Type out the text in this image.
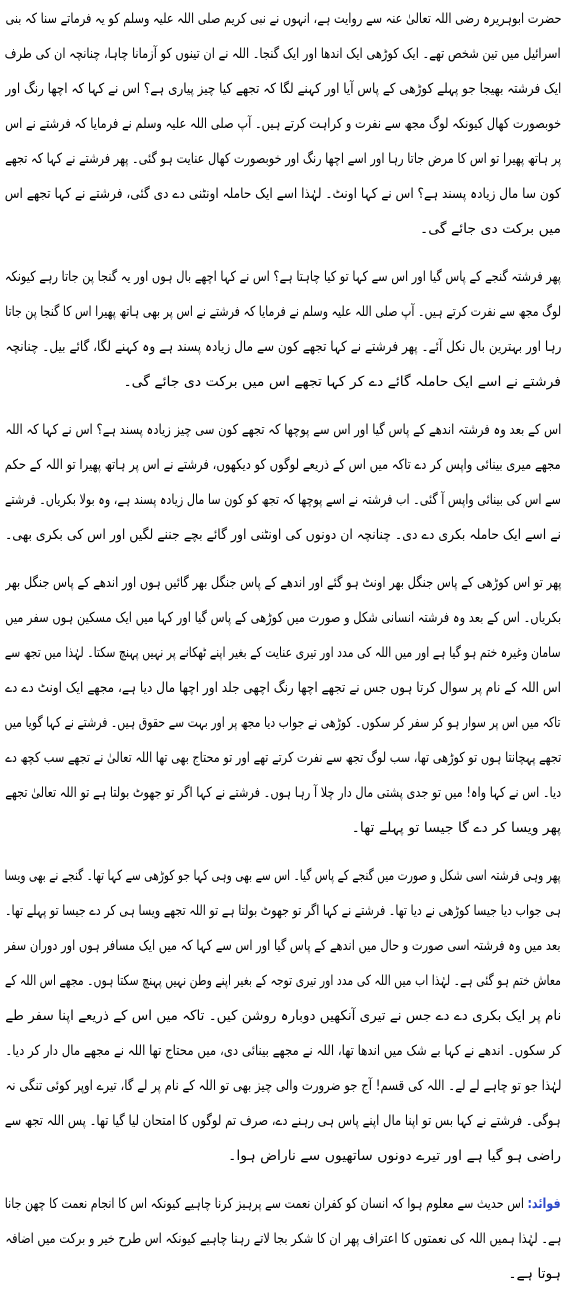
حضرت ابوہریرہ رضی اللہ تعالیٰ عنہ سے روایت ہے، انہوں نے نبی کریم صلی اللہ علیہ وسلم کو یہ فرماتے سنا کہ بنی
اسرائیل میں تین شخص تھے۔ ایک کوڑھی ایک اندھا اور ایک گنجا۔ اللہ نے ان تینوں کو آزمانا چاہا، چنانچہ ان کی طرف
ایک فرشتہ بھیجا جو پہلے کوڑھی کے پاس آیا اور کہنے لگا کہ تجھے کیا چیز پیاری ہے؟ اس نے کہا کہ اچھا رنگ اور
خوبصورت کھال کیونکہ لوگ مجھ سے نفرت و کراہت کرتے ہیں۔ آپ صلی اللہ علیہ وسلم نے فرمایا کہ فرشتے نے اس
پر ہاتھ پھیرا تو اس کا مرض جاتا رہا اور اسے اچھا رنگ اور خوبصورت کھال عنایت ہو گئی۔ پھر فرشتے نے کہا کہ تجھے
کون سا مال زیادہ پسند ہے؟ اس نے کہا اونٹ۔ لہٰذا اسے ایک حاملہ اونٹنی دے دی گئی، فرشتے نے کہا تجھے اس
میں برکت دی جائے گی۔
پھر فرشتہ گنجے کے پاس گیا اور اس سے کہا تو کیا چاہتا ہے؟ اس نے کہا اچھے بال ہوں اور یہ گنجا پن جاتا رہے کیونکہ
لوگ مجھ سے نفرت کرتے ہیں۔ آپ صلی اللہ علیہ وسلم نے فرمایا کہ فرشتے نے اس پر بھی ہاتھ پھیرا اس کا گنجا پن جاتا
رہا اور بہترین بال نکل آئے۔ پھر فرشتے نے کہا تجھے کون سے مال زیادہ پسند ہے وہ کہنے لگا، گائے بیل۔ چنانچہ
فرشتے نے اسے ایک حاملہ گائے دے کر کہا تجھے اس میں برکت دی جائے گی۔
اس کے بعد وہ فرشتہ اندھے کے پاس گیا اور اس سے پوچھا کہ تجھے کون سی چیز زیادہ پسند ہے؟ اس نے کہا کہ اللہ
مجھے میری بینائی واپس کر دے تاکہ میں اس کے ذریعے لوگوں کو دیکھوں، فرشتے نے اس پر ہاتھ پھیرا تو اللہ کے حکم
سے اس کی بینائی واپس آ گئی۔ اب فرشتہ نے اسے پوچھا کہ تجھ کو کون سا مال زیادہ پسند ہے، وہ بولا بکریاں۔ فرشتے
نے اسے ایک حاملہ بکری دے دی۔ چنانچہ ان دونوں کی اونٹنی اور گائے بچے جننے لگیں اور اس کی بکری بھی۔
پھر تو اس کوڑھی کے پاس جنگل بھر اونٹ ہو گئے اور اندھے کے پاس جنگل بھر گائیں ہوں اور اندھے کے پاس جنگل بھر
بکریاں۔ اس کے بعد وہ فرشتہ انسانی شکل و صورت میں کوڑھی کے پاس گیا اور کہا میں ایک مسکین ہوں سفر میں
سامان وغیرہ ختم ہو گیا ہے اور میں اللہ کی مدد اور تیری عنایت کے بغیر اپنے ٹھکانے پر نہیں پہنچ سکتا۔ لہٰذا میں تجھ سے
اس اللہ کے نام پر سوال کرتا ہوں جس نے تجھے اچھا رنگ اچھی جلد اور اچھا مال دیا ہے، مجھے ایک اونٹ دے دے
تاکہ میں اس پر سوار ہو کر سفر کر سکوں۔ کوڑھی نے جواب دیا مجھ پر اور بہت سے حقوق ہیں۔ فرشتے نے کہا گویا میں
تجھے پہچانتا ہوں تو کوڑھی تھا، سب لوگ تجھ سے نفرت کرتے تھے اور تو محتاج بھی تھا اللہ تعالیٰ نے تجھے سب کچھ دے
دیا۔ اس نے کہا واہ! میں تو جدی پشتی مال دار چلا آ رہا ہوں۔ فرشتے نے کہا اگر تو جھوٹ بولتا ہے تو اللہ تعالیٰ تجھے
پھر ویسا کر دے گا جیسا تو پہلے تھا۔
پھر وہی فرشتہ اسی شکل و صورت میں گنجے کے پاس گیا۔ اس سے بھی وہی کہا جو کوڑھی سے کہا تھا۔ گنجے نے بھی ویسا
ہی جواب دیا جیسا کوڑھی نے دیا تھا۔ فرشتے نے کہا اگر تو جھوٹ بولتا ہے تو اللہ تجھے ویسا ہی کر دے جیسا تو پہلے تھا۔
بعد میں وہ فرشتہ اسی صورت و حال میں اندھے کے پاس گیا اور اس سے کہا کہ میں ایک مسافر ہوں اور دوران سفر
معاش ختم ہو گئی ہے۔ لہٰذا اب میں اللہ کی مدد اور تیری توجہ کے بغیر اپنے وطن نہیں پہنچ سکتا ہوں۔ مجھے اس اللہ کے
نام پر ایک بکری دے دے جس نے تیری آنکھیں دوبارہ روشن کیں۔ تاکہ میں اس کے ذریعے اپنا سفر طے
کر سکوں۔ اندھے نے کہا بے شک میں اندھا تھا، اللہ نے مجھے بینائی دی، میں محتاج تھا اللہ نے مجھے مال دار کر دیا۔
لہٰذا جو تو چاہے لے لے۔ اللہ کی قسم! آج جو ضرورت والی چیز بھی تو اللہ کے نام پر لے گا، تیرے اوپر کوئی تنگی نہ
ہوگی۔ فرشتے نے کہا بس تو اپنا مال اپنے پاس ہی رہنے دے، صرف تم لوگوں کا امتحان لیا گیا تھا۔ پس اللہ تجھ سے
راضی ہو گیا ہے اور تیرے دونوں ساتھیوں سے ناراض ہوا۔
فوائد: اس حدیث سے معلوم ہوا کہ انسان کو کفران نعمت سے پرہیز کرنا چاہیے کیونکہ اس کا انجام نعمت کا چھن جانا
ہے۔ لہٰذا ہمیں اللہ کی نعمتوں کا اعتراف پھر ان کا شکر بجا لاتے رہنا چاہیے کیونکہ اس طرح خیر و برکت میں اضافہ
ہوتا ہے۔
